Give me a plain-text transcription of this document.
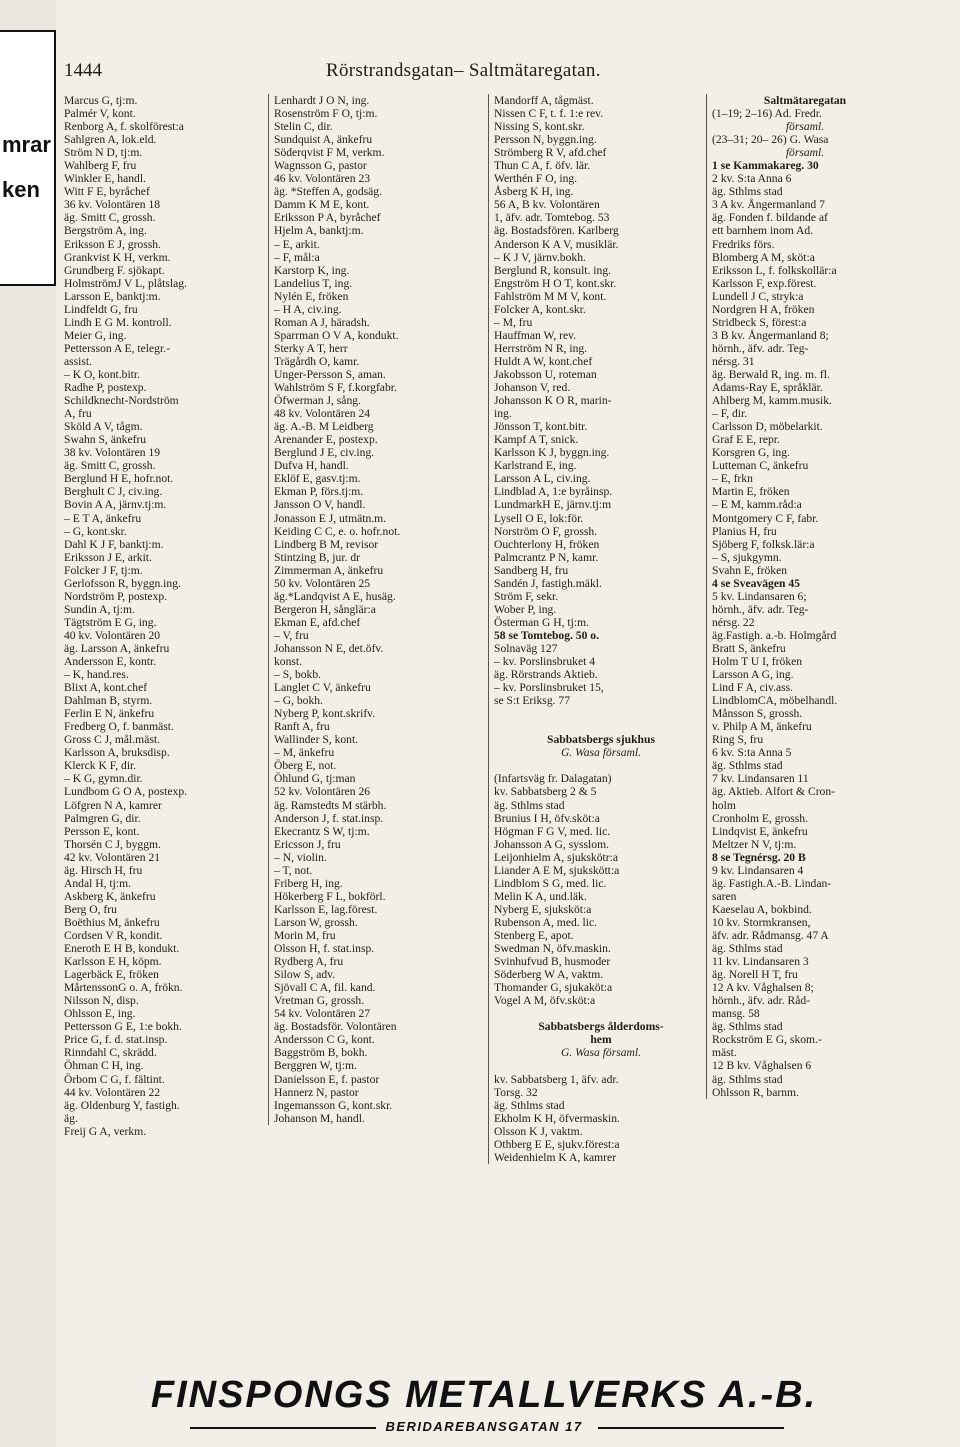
mrar
ken
1444	Rörstrandsgatan– Saltmätaregatan.
Marcus G, tj:m.
Palmér V, kont.
Renborg A, f. skolförest:a
Sahlgren A, lok.eld.
Ström N D, tj:m.
Wahlberg F, fru
Winkler E, handl.
Witt F E, byråchef
36 kv. Volontären 18
äg. Smitt C, grossh.
Bergström A, ing.
Eriksson E J, grossh.
Grankvist K H, verkm.
Grundberg F. sjökapt.
HolmströmJ V L, plåtslag.
Larsson E, banktj:m.
Lindfeldt G, fru
Lindh E G M. kontroll.
Meier G, ing.
Pettersson A E, telegr.-
assist.
– K O, kont.bitr.
Radhe P, postexp.
Schildknecht-Nordström
A, fru
Sköld A V, tågm.
Swahn S, änkefru
38 kv. Volontären 19
äg. Smitt C, grossh.
Berglund H E, hofr.not.
Berghult C J, civ.ing.
Bovin A A, järnv.tj:m.
– E T A, änkefru
– G, kont.skr.
Dahl K J F, banktj:m.
Eriksson J E, arkit.
Folcker J F, tj:m.
Gerlofsson R, byggn.ing.
Nordström P, postexp.
Sundin A, tj:m.
Tägtström E G, ing.
40 kv. Volontären 20
äg. Larsson A, änkefru
Andersson E, kontr.
– K, hand.res.
Blixt A, kont.chef
Dahlman B, styrm.
Ferlin E N, änkefru
Fredberg O, f. banmäst.
Gross C J, mål.mäst.
Karlsson A, bruksdisp.
Klerck K F, dir.
– K G, gymn.dir.
Lundbom G O A, postexp.
Löfgren N A, kamrer
Palmgren G, dir.
Persson E, kont.
Thorsén C J, byggm.
42 kv. Volontären 21
äg. Hirsch H, fru
Andal H, tj:m.
Askberg K, änkefru
Berg O, fru
Boëthius M, änkefru
Cordsen V R, kondit.
Eneroth E H B, kondukt.
Karlsson E H, köpm.
Lagerbäck E, fröken
MårtenssonG o. A, frökn.
Nilsson N, disp.
Ohlsson E, ing.
Pettersson G E, 1:e bokh.
Price G, f. d. stat.insp.
Rinndahl C, skrädd.
Öhman C H, ing.
Örbom C G, f. fältint.
44 kv. Volontären 22
äg. Oldenburg Y, fastigh.
äg.
Freij G A, verkm.
Lenhardt J O N, ing.
Rosenström F O, tj:m.
Stelin C, dir.
Sundquist A, änkefru
Söderqvist F M, verkm.
Wagnsson G, pastor
46 kv. Volontären 23
äg. *Steffen A, godsäg.
Damm K M E, kont.
Eriksson P A, byråchef
Hjelm A, banktj:m.
– E, arkit.
– F, mål:a
Karstorp K, ing.
Landelius T, ing.
Nylén E, fröken
– H A, civ.ing.
Roman A J, häradsh.
Sparrman O V A, kondukt.
Sterky A T, herr
Trägårdh O, kamr.
Unger-Persson S, aman.
Wahlström S F, f.korgfabr.
Öfwerman J, sång.
48 kv. Volontären 24
äg. A.-B. M Leidberg
Arenander E, postexp.
Berglund J E, civ.ing.
Dufva H, handl.
Eklöf E, gasv.tj:m.
Ekman P, förs.tj:m.
Jansson O V, handl.
Jonasson E J, utmätn.m.
Keiding C C, e. o. hofr.not.
Lindberg B M, revisor
Stintzing B, jur. dr
Zimmerman A, änkefru
50 kv. Volontären 25
äg.*Landqvist A E, husäg.
Bergeron H, sånglär:a
Ekman E, afd.chef
– V, fru
Johansson N E, det.öfv.
konst.
– S, bokb.
Langlet C V, änkefru
– G, bokh.
Nyberg P, kont.skrifv.
Ranft A, fru
Wallinder S, kont.
– M, änkefru
Öberg E, not.
Öhlund G, tj:man
52 kv. Volontären 26
äg. Ramstedts M stärbh.
Anderson J, f. stat.insp.
Ekecrantz S W, tj:m.
Ericsson J, fru
– N, violin.
– T, not.
Friberg H, ing.
Hökerberg F L, bokförl.
Karlsson E, lag.förest.
Larson W, grossh.
Morin M, fru
Olsson H, f. stat.insp.
Rydberg A, fru
Silow S, adv.
Sjövall C A, fil. kand.
Vretman G, grossh.
54 kv. Volontären 27
äg. Bostadsför. Volontären
Andersson C G, kont.
Baggström B, bokh.
Berggren W, tj:m.
Danielsson E, f. pastor
Hannerz N, pastor
Ingemansson G, kont.skr.
Johanson M, handl.
Mandorff A, tågmäst.
Nissen C F, t. f. 1:e rev.
Nissing S, kont.skr.
Persson N, byggn.ing.
Strömberg R V, afd.chef
Thun C A, f. öfv. lär.
Werthén F O, ing.
Åsberg K H, ing.
56 A, B kv. Volontären
1, äfv. adr. Tomtebog. 53
äg. Bostadsfören. Karlberg
Anderson K A V, musiklär.
– K J V, järnv.bokh.
Berglund R, konsult. ing.
Engström H O T, kont.skr.
Fahlström M M V, kont.
Folcker A, kont.skr.
– M, fru
Hauffman W, rev.
Herrström N R, ing.
Huldt A W, kont.chef
Jakobsson U, roteman
Johanson V, red.
Johansson K O R, marin-
ing.
Jönsson T, kont.bitr.
Kampf A T, snick.
Karlsson K J, byggn.ing.
Karlstrand E, ing.
Larsson A L, civ.ing.
Lindblad A, 1:e byråinsp.
LundmarkH E, järnv.tj:m
Lysell O E, lok:för.
Norström O F, grossh.
Ouchterlony H, fröken
Palmcrantz P N, kamr.
Sandberg H, fru
Sandén J, fastigh.mäkl.
Ström F, sekr.
Wober P, ing.
Österman G H, tj:m.
58 se Tomtebog. 50 o.
Solnaväg 127
– kv. Porslinsbruket 4
äg. Rörstrands Aktieb.
– kv. Porslinsbruket 15,
se S:t Eriksg. 77
Sabbatsbergs sjukhus
G. Wasa församl.
(Infartsväg fr. Dalagatan)
kv. Sabbatsberg 2 & 5
äg. Sthlms stad
Brunius I H, öfv.sköt:a
Högman F G V, med. lic.
Johansson A G, sysslom.
Leijonhielm A, sjukskötr:a
Liander A E M, sjukskött:a
Lindblom S G, med. lic.
Melin K A, und.läk.
Nyberg E, sjuksköt:a
Rubenson A, med. lic.
Stenberg E, apot.
Swedman N, öfv.maskin.
Svinhufvud B, husmoder
Söderberg W A, vaktm.
Thomander G, sjukaköt:a
Vogel A M, öfv.sköt:a
Sabbatsbergs ålderdoms-
hem
G. Wasa församl.
kv. Sabbatsberg 1, äfv. adr.
Torsg. 32
äg. Sthlms stad
Ekholm K H, öfvermaskin.
Olsson K J, vaktm.
Othberg E E, sjukv.förest:a
Weidenhielm K A, kamrer
Saltmätaregatan
(1–19; 2–16) Ad. Fredr.
församl.
(23–31; 20– 26) G. Wasa
församl.
1 se Kammakareg. 30
2 kv. S:ta Anna 6
äg. Sthlms stad
3 A kv. Ångermanland 7
äg. Fonden f. bildande af
ett barnhem inom Ad.
Fredriks förs.
Blomberg A M, sköt:a
Eriksson L, f. folkskollär:a
Karlsson F, exp.förest.
Lundell J C, stryk:a
Nordgren H A, fröken
Stridbeck S, förest:a
3 B kv. Ångermanland 8;
hörnh., äfv. adr. Teg-
nérsg. 31
äg. Berwald R, ing. m. fl.
Adams-Ray E, språklär.
Ahlberg M, kamm.musik.
– F, dir.
Carlsson D, möbelarkit.
Graf E E, repr.
Korsgren G, ing.
Lutteman C, änkefru
– E, frkn
Martin E, fröken
– E M, kamm.råd:a
Montgomery C F, fabr.
Planius H, fru
Sjöberg F, folksk.lär:a
– S, sjukgymn.
Svahn E, fröken
4 se Sveavägen 45
5 kv. Lindansaren 6;
hörnh., äfv. adr. Teg-
nérsg. 22
äg.Fastigh. a.-b. Holmgård
Bratt S, änkefru
Holm T U I, fröken
Larsson A G, ing.
Lind F A, civ.ass.
LindblomCA, möbelhandl.
Månsson S, grossh.
v. Philp A M, änkefru
Ring S, fru
6 kv. S:ta Anna 5
äg. Sthlms stad
7 kv. Lindansaren 11
äg. Aktieb. Alfort & Cron-
holm
Cronholm E, grossh.
Lindqvist E, änkefru
Meltzer N V, tj:m.
8 se Tegnérsg. 20 B
9 kv. Lindansaren 4
äg. Fastigh.A.-B. Lindan-
saren
Kaeselau A, bokbind.
10 kv. Stormkransen,
äfv. adr. Rådmansg. 47 A
äg. Sthlms stad
11 kv. Lindansaren 3
äg. Norell H T, fru
12 A kv. Våghalsen 8;
hörnh., äfv. adr. Råd-
mansg. 58
äg. Sthlms stad
Rockström E G, skom.-
mäst.
12 B kv. Våghalsen 6
äg. Sthlms stad
Ohlsson R, barnm.
FINSPONGS METALLVERKS A.-B.
BERIDAREBANSGATAN 17
